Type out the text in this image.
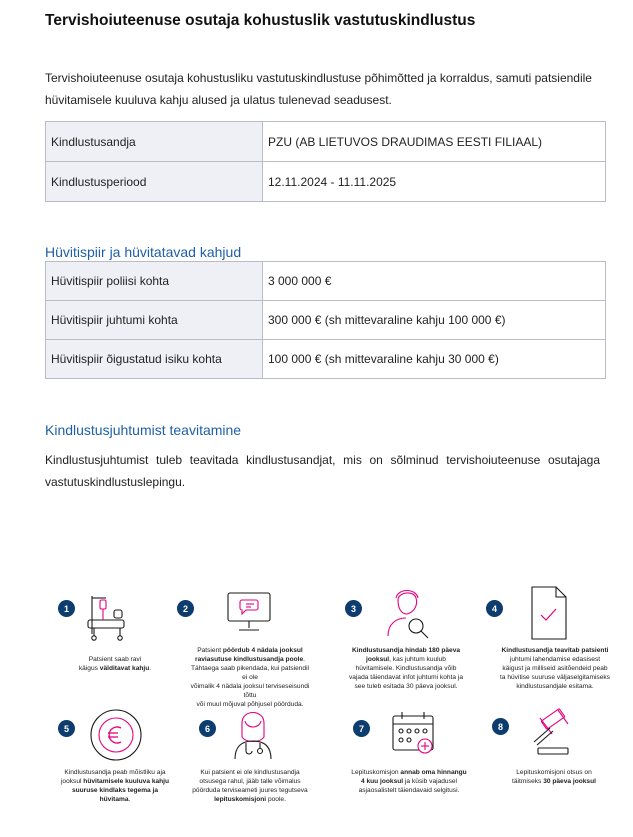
Tervishoiuteenuse osutaja kohustuslik vastutuskindlustus
Tervishoiuteenuse osutaja kohustusliku vastutuskindlustuse põhimõtted ja korraldus, samuti patsiendile hüvitamisele kuuluva kahju alused ja ulatus tulenevad seadusest.
Kindlustusandja	PZU (AB LIETUVOS DRAUDIMAS EESTI FILIAAL)
Kindlustusperiood	12.11.2024 - 11.11.2025
Hüvitispiir ja hüvitatavad kahjud
Hüvitispiir poliisi kohta	3 000 000 €
Hüvitispiir juhtumi kohta	300 000 € (sh mittevaraline kahju 100 000 €)
Hüvitispiir õigustatud isiku kohta	100 000 € (sh mittevaraline kahju 30 000 €)
Kindlustusjuhtumist teavitamine
Kindlustusjuhtumist tuleb teavitada kindlustusandjat, mis on sõlminud tervishoiuteenuse osutajaga vastutuskindlustuslepingu.
1
Patsient saab ravi
käigus välditavat kahju.
2
Patsient pöördub 4 nädala jooksul
raviasutuse kindlustusandja poole.
Tähtaega saab pikendada, kui patsiendil ei ole
võimalik 4 nädala jooksul terviseseisundi tõttu
või muul mõjuval põhjusel pöörduda.
3
Kindlustusandja hindab 180 päeva
jooksul, kas juhtum kuulub
hüvitamisele. Kindlustusandja võib
vajada täiendavat infot juhtumi kohta ja
see tuleb esitada 30 päeva jooksul.
4
Kindlustusandja teavitab patsienti
juhtumi lahendamise edasisest
käigust ja milliseid asitõendeid peab
ta hüvitise suuruse väljaselgitamiseks
kindlustusandjale esitama.
5
Kindlustusandja peab mõistliku aja
jooksul hüvitamisele kuuluva kahju
suuruse kindlaks tegema ja
hüvitama.
6
Kui patsient ei ole kindlustusandja
otsusega rahul, jääb talle võimalus
pöörduda terviseameti juures tegutseva
lepituskomisjoni poole.
7
Lepituskomisjon annab oma hinnangu
4 kuu jooksul ja küsib vajadusel
asjaosalistelt täiendavaid selgitusi.
8
Lepituskomisjoni otsus on
täitmiseks 30 päeva jooksul
